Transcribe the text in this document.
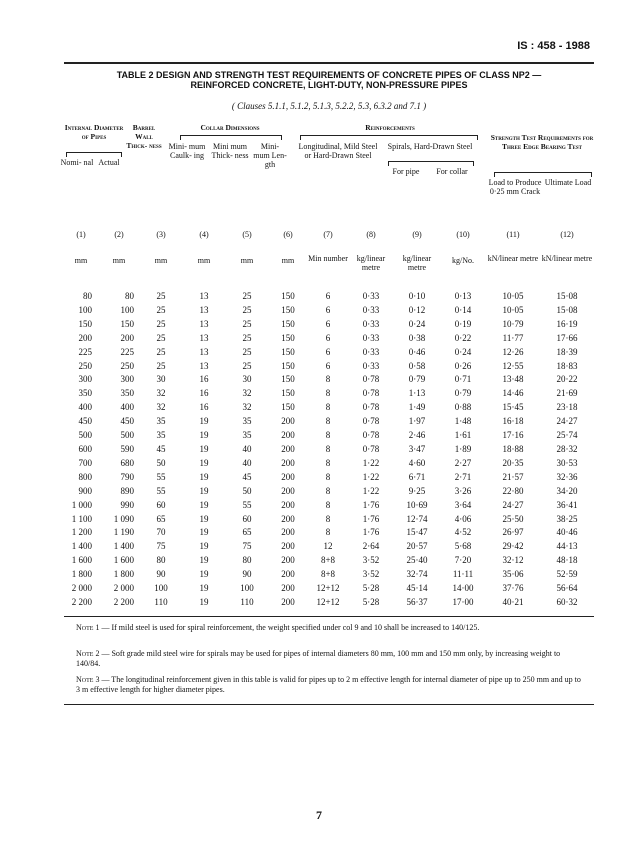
IS : 458 - 1988
TABLE 2 DESIGN AND STRENGTH TEST REQUIREMENTS OF CONCRETE PIPES OF CLASS NP2 —
REINFORCED CONCRETE, LIGHT-DUTY, NON-PRESSURE PIPES
( Clauses 5.1.1, 5.1.2, 5.1.3, 5.2.2, 5.3, 6.3.2 and 7.1 )
Internal Diameter of Pipes
Nomi- nal Actual
Barrel Wall Thick- ness
Collar Dimensions
Mini- mum Caulk- ing
Mini mum Thick- ness
Mini- mum Len- gth
Reinforcements
Longitudinal, Mild Steel or Hard-Drawn Steel
Spirals, Hard-Drawn Steel
For pipe	For collar
Strength Test Requirements for Three Edge Bearing Test
Load to Produce 0·25 mm Crack
Ultimate Load
(1)	(2)	(3)	(4)	(5)	(6)	(7)	(8)	(9)	(10)	(11)	(12)
mm	mm	mm	mm	mm	mm	Min number	kg/linear metre	kg/linear metre	kg/No.	kN/linear metre	kN/linear metre
80	80	25	13	25	150	6	0·33	0·10	0·13	10·05	15·08
100	100	25	13	25	150	6	0·33	0·12	0·14	10·05	15·08
150	150	25	13	25	150	6	0·33	0·24	0·19	10·79	16·19
200	200	25	13	25	150	6	0·33	0·38	0·22	11·77	17·66
225	225	25	13	25	150	6	0·33	0·46	0·24	12·26	18·39
250	250	25	13	25	150	6	0·33	0·58	0·26	12·55	18·83
300	300	30	16	30	150	8	0·78	0·79	0·71	13·48	20·22
350	350	32	16	32	150	8	0·78	1·13	0·79	14·46	21·69
400	400	32	16	32	150	8	0·78	1·49	0·88	15·45	23·18
450	450	35	19	35	200	8	0·78	1·97	1·48	16·18	24·27
500	500	35	19	35	200	8	0·78	2·46	1·61	17·16	25·74
600	590	45	19	40	200	8	0·78	3·47	1·89	18·88	28·32
700	680	50	19	40	200	8	1·22	4·60	2·27	20·35	30·53
800	790	55	19	45	200	8	1·22	6·71	2·71	21·57	32·36
900	890	55	19	50	200	8	1·22	9·25	3·26	22·80	34·20
1 000	990	60	19	55	200	8	1·76	10·69	3·64	24·27	36·41
1 100	1 090	65	19	60	200	8	1·76	12·74	4·06	25·50	38·25
1 200	1 190	70	19	65	200	8	1·76	15·47	4·52	26·97	40·46
1 400	1 400	75	19	75	200	12	2·64	20·57	5·68	29·42	44·13
1 600	1 600	80	19	80	200	8+8	3·52	25·40	7·20	32·12	48·18
1 800	1 800	90	19	90	200	8+8	3·52	32·74	11·11	35·06	52·59
2 000	2 000	100	19	100	200	12+12	5·28	45·14	14·00	37·76	56·64
2 200	2 200	110	19	110	200	12+12	5·28	56·37	17·00	40·21	60·32
Note 1 — If mild steel is used for spiral reinforcement, the weight specified under col 9 and 10 shall be increased to 140/125.
Note 2 — Soft grade mild steel wire for spirals may be used for pipes of internal diameters 80 mm, 100 mm and 150 mm only, by increasing weight to 140/84.
Note 3 — The longitudinal reinforcement given in this table is valid for pipes up to 2 m effective length for internal diameter of pipe up to 250 mm and up to 3 m effective length for higher diameter pipes.
7
